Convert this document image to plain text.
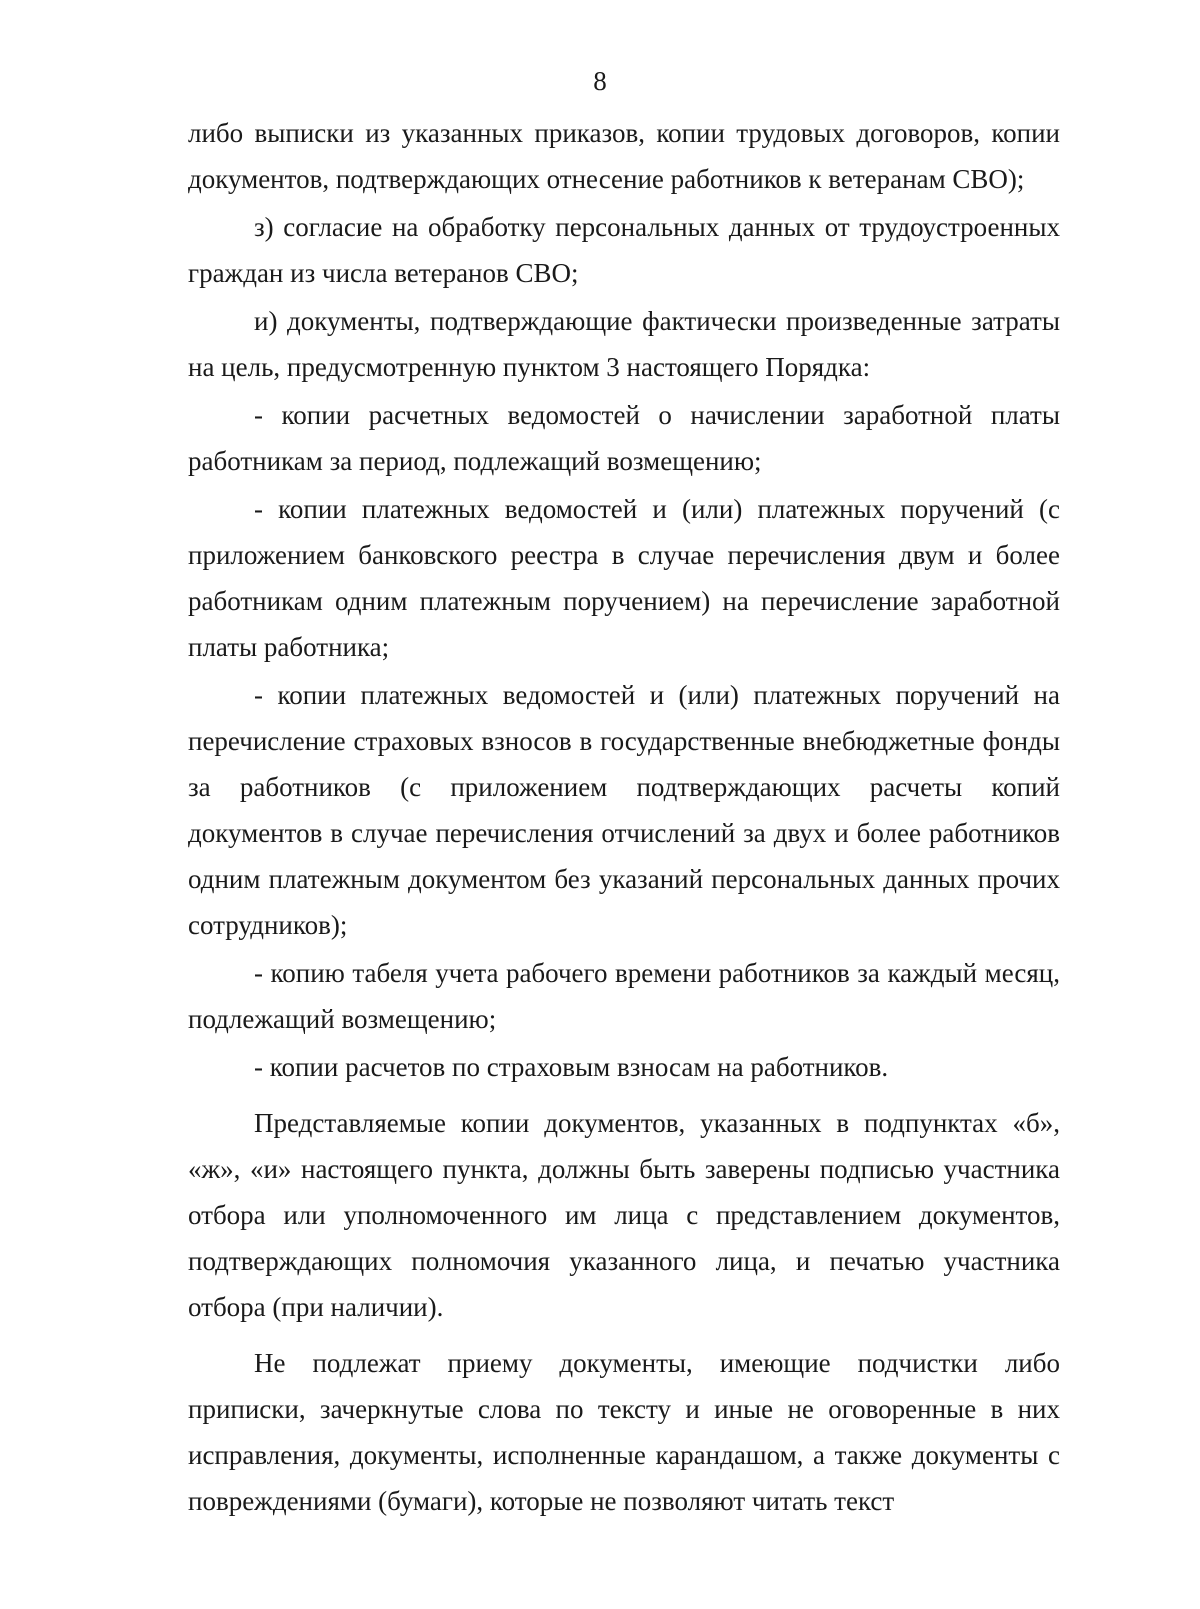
8

либо выписки из указанных приказов, копии трудовых договоров, копии документов, подтверждающих отнесение работников к ветеранам СВО);

з) согласие на обработку персональных данных от трудоустроенных граждан из числа ветеранов СВО;

и) документы, подтверждающие фактически произведенные затраты на цель, предусмотренную пунктом 3 настоящего Порядка:

- копии расчетных ведомостей о начислении заработной платы работникам за период, подлежащий возмещению;

- копии платежных ведомостей и (или) платежных поручений (с приложением банковского реестра в случае перечисления двум и более работникам одним платежным поручением) на перечисление заработной платы работника;

- копии платежных ведомостей и (или) платежных поручений на перечисление страховых взносов в государственные внебюджетные фонды за работников (с приложением подтверждающих расчеты копий документов в случае перечисления отчислений за двух и более работников одним платежным документом без указаний персональных данных прочих сотрудников);

- копию табеля учета рабочего времени работников за каждый месяц, подлежащий возмещению;

- копии расчетов по страховым взносам на работников.

Представляемые копии документов, указанных в подпунктах «б», «ж», «и» настоящего пункта, должны быть заверены подписью участника отбора или уполномоченного им лица с представлением документов, подтверждающих полномочия указанного лица, и печатью участника отбора (при наличии).

Не подлежат приему документы, имеющие подчистки либо приписки, зачеркнутые слова по тексту и иные не оговоренные в них исправления, документы, исполненные карандашом, а также документы с повреждениями (бумаги), которые не позволяют читать текст
